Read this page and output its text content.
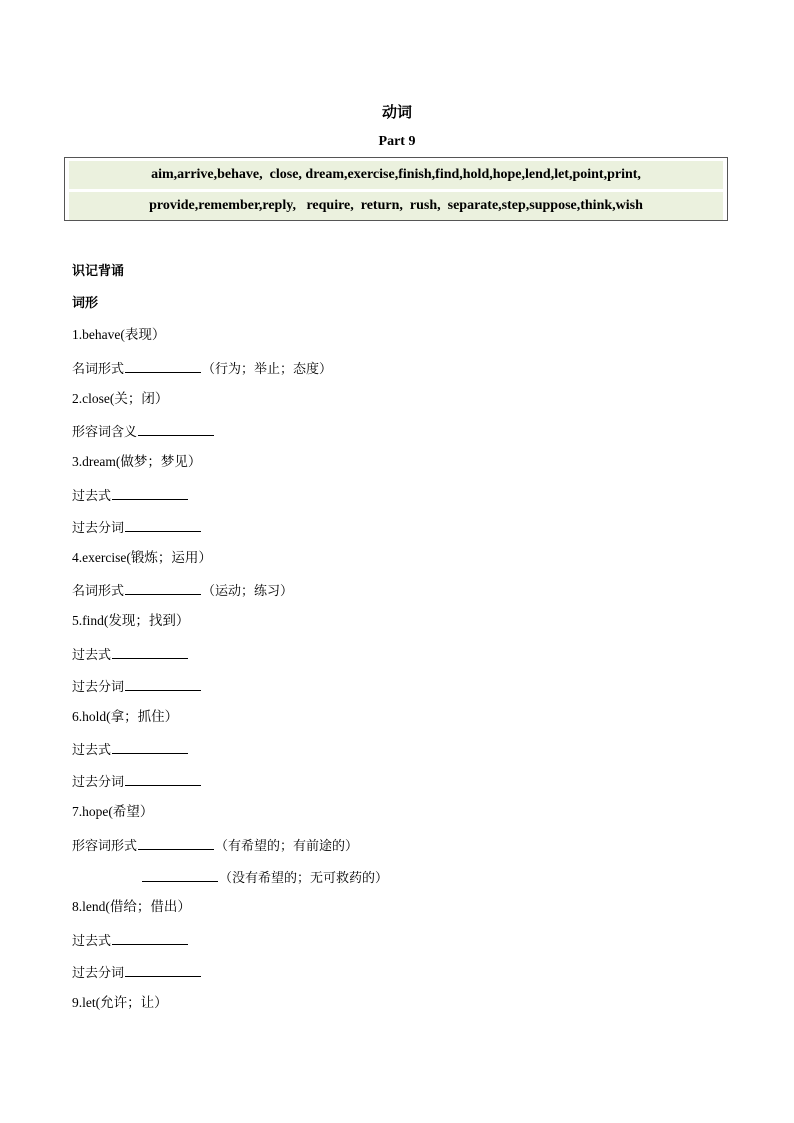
动词
Part 9
aim,arrive,behave,  close, dream,exercise,finish,find,hold,hope,lend,let,point,print,
provide,remember,reply,   require,  return,  rush,  separate,step,suppose,think,wish
识记背诵
词形
1.behave(表现）
名词形式	（行为；举止；态度）
2.close(关；闭）
形容词含义
3.dream(做梦；梦见）
过去式
过去分词
4.exercise(锻炼；运用）
名词形式	（运动；练习）
5.find(发现；找到）
过去式
过去分词
6.hold(拿；抓住）
过去式
过去分词
7.hope(希望）
形容词形式	（有希望的；有前途的）
（没有希望的；无可救药的）
8.lend(借给；借出）
过去式
过去分词
9.let(允许；让）
